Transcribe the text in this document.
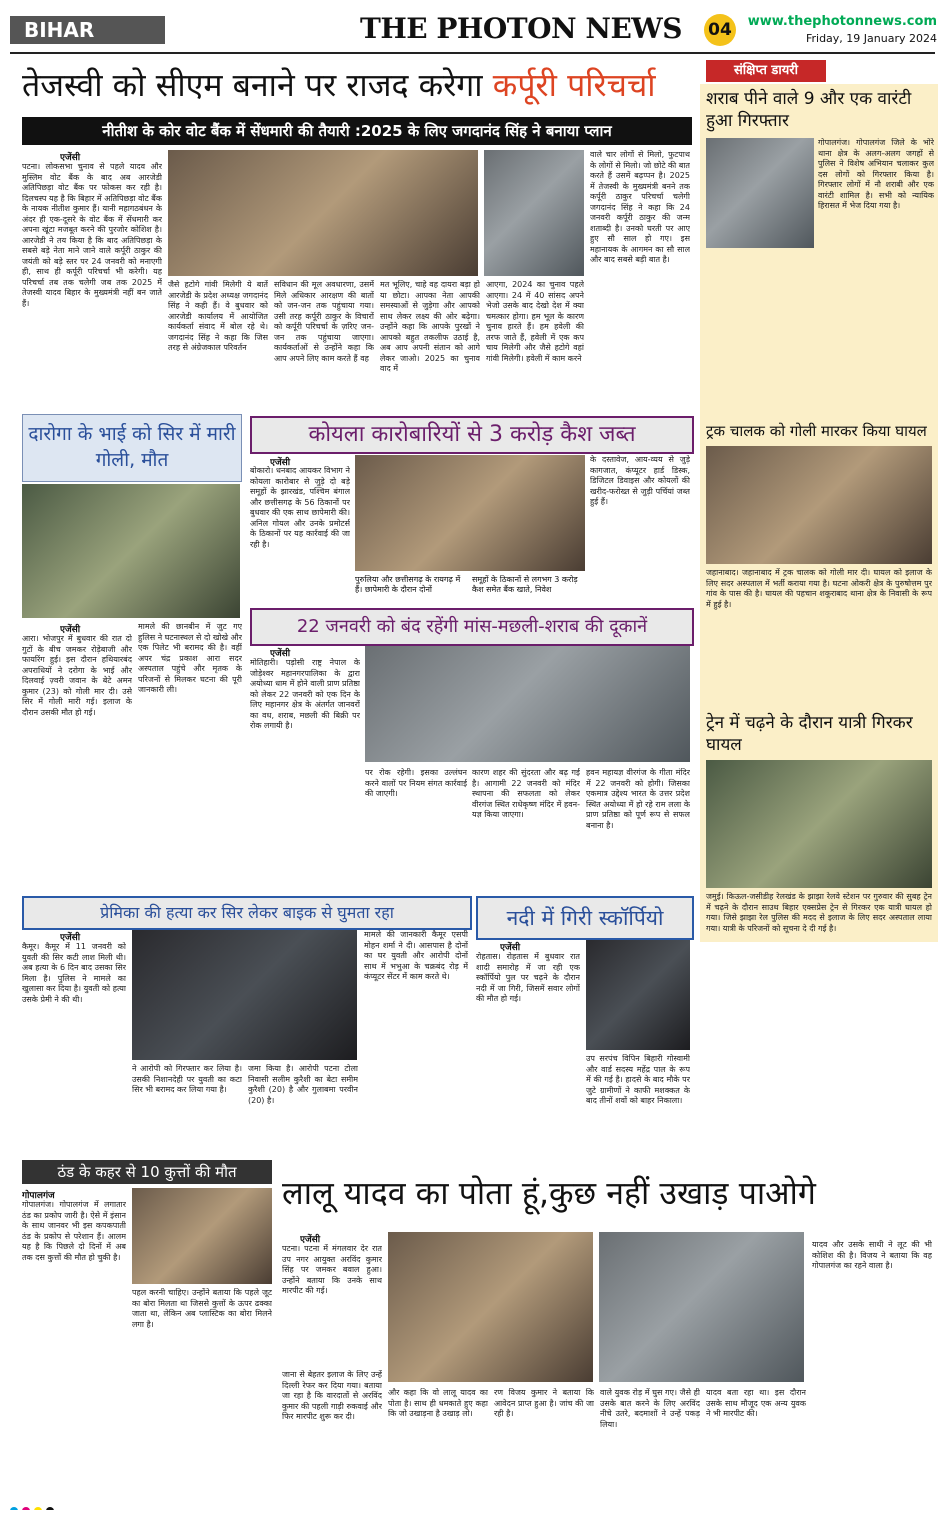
BIHAR	THE PHOTON NEWS	04	www.thephotonnews.com
Friday, 19 January 2024
तेजस्वी को सीएम बनाने पर राजद करेगा कर्पूरी परिचर्चा
नीतीश के कोर वोट बैंक में सेंधमारी की तैयारी :2025 के लिए जगदानंद सिंह ने बनाया प्लान
एजेंसी
पटना। लोकसभा चुनाव से पहले यादव और मुस्लिम वोट बैंक के बाद अब आरजेडी अतिपिछड़ा वोट बैंक पर फोकस कर रही है। दिलचस्प यह है कि बिहार में अतिपिछड़ा वोट बैंक के नायक नीतीश कुमार हैं। यानी महागठबंधन के अंदर ही एक-दूसरे के वोट बैंक में सेंधमारी कर अपना खूंटा मजबूत करने की पुरजोर कोशिश है। आरजेडी ने तय किया है कि बाद अतिपिछड़ा के सबसे बड़े नेता माने जाने वाले कर्पूरी ठाकुर की जयंती को बड़े स्तर पर 24 जनवरी को मनाएगी ही, साथ ही कर्पूरी परिचर्चा भी करेगी। यह परिचर्चा तब तक चलेगी जब तक 2025 में तेजस्वी यादव बिहार के मुख्यमंत्री नहीं बन जाते हैं।
जैसे हटोगे गांवी मिलेगी ये बातें आरजेडी के प्रदेश अध्यक्ष जगदानंद सिंह ने कही हैं। वे बुधवार को आरजेडी कार्यालय में आयोजित कार्यकर्ता संवाद में बोल रहे थे। जगदानंद सिंह ने कहा कि जिस तरह से अंग्रेजकाल परिवर्तन
सविधान की मूल अवधारणा, उसमें मिले अधिकार आरक्षण की बातों को जन-जन तक पहुंचाया गया। उसी तरह कर्पूरी ठाकुर के विचारों को कर्पूरी परिचर्चा के ज़रिए जन-जन तक पहुंचाया जाएगा। कार्यकर्ताओं से उन्होंने कहा कि आप अपने लिए काम करते हैं वह
मत भूलिए, चाहे वह दायरा बड़ा हो या छोटा। आपका नेता आपकी समस्याओं से जुड़ेगा और आपको साथ लेकर लक्ष्य की ओर बढ़ेगा। उन्होंने कहा कि आपके पुरखों ने आपको बहुत तकलीफ उठाई है, अब आप अपनी संतान को आगे लेकर जाओ। 2025 का चुनाव वाद में
आएगा, 2024 का चुनाव पहले आएगा। 24 में 40 सांसद अपने भेजो उसके बाद देखो देश में क्या चमत्कार होगा। हम भूल के कारण चुनाव हारते हैं। हम हवेली की तरफ जाते हैं, हवेली में एक कप चाय मिलेगी और जैसे हटोगे वहां गांवी मिलेगी। हवेली में काम करने
वाले चार लोगों से मिलो, फुटपाथ के लोगों से मिलो। जो छोटे की बात करते हैं उसमें बढ़प्पन है। 2025 में तेजस्वी के मुख्यमंत्री बनने तक कर्पूरी ठाकुर परिचर्चा चलेगी जगदानंद सिंह ने कहा कि 24 जनवरी कर्पूरी ठाकुर की जन्म शताब्दी है। उनको घरती पर आए हुए सौ साल हो गए। इस महानायक के आगमन का सौ साल और बाद सबसे बड़ी बात है।
दारोगा के भाई को सिर में मारी गोली, मौत
एजेंसी
आरा। भोजपुर में बुधवार की रात दो गुटों के बीच जमकर रोड़ेबाजी और फायरिंग हुई। इस दौरान हथियारबंद अपराधियों ने दरोगा के भाई और दिलवाई ज़्वरी जवान के बेटे अमन कुमार (23) को गोली मार दी। उसे सिर में गोली मारी गई। इलाज के दौरान उसकी मौत हो गई।
मामले की छानबीन में जुट गए हुलिस ने घटनास्थल से दो खोखे और एक पिलेट भी बरामद की है। वहीं अपर चंद्र प्रकाश आरा सदर अस्पताल पहुंचे और मृतक के परिजनों से मिलकर घटना की पूरी जानकारी ली।
कोयला कारोबारियों से 3 करोड़ कैश जब्त
एजेंसी
बोकारो। धनबाद आयकर विभाग ने कोयला कारोबार से जुड़े दो बड़े समूहों के झारखंड, पश्चिम बंगाल और छत्तीसगढ़ के 56 ठिकानों पर बुधवार की एक साथ छापेमारी की। अनिल गोयल और उनके प्रमोटर्स के ठिकानों पर यह कार्रवाई की जा रही है।
पुरुलिया और छत्तीसगढ़ के रायगढ़ में हैं। छापेमारी के दौरान दोनों
समूहों के ठिकानों से लगभग 3 करोड़ कैश समेत बैंक खाते, निवेश
के दस्तावेज, आय-व्यय से जुड़े कागजात, कंप्यूटर हार्ड डिस्क, डिजिटल डिवाइस और कोयलों की खरीद-फरोख्त से जुड़ी पर्चियां जब्त हुई हैं।
22 जनवरी को बंद रहेंगी मांस-मछली-शराब की दूकानें
एजेंसी
मोतिहारी। पड़ोसी राष्ट्र नेपाल के जोड़ेश्वर महानगरपालिका के द्वारा अयोध्या धाम में होने वाली प्राण प्रतिष्ठा को लेकर 22 जनवरी को एक दिन के लिए महानगर क्षेत्र के अंतर्गत जानवरों का वध, शराब, मछली की बिक्री पर रोक लगायी है।
पर रोक रहेगी। इसका उल्लंघन करने वालों पर नियम संगत कार्रवाई की जाएगी।
कारण शहर की सुंदरता और बढ़ गई है। आगामी 22 जनवरी को मंदिर स्थापना की सफलता को लेकर वीरगंज स्थित राधेकृष्ण मंदिर में हवन-यज्ञ किया जाएगा।
हवन महायज्ञ वीरगंज के गीता मंदिर में 22 जनवरी को होगी। जिसका एकमात्र उद्देश्य भारत के उत्तर प्रदेश स्थित अयोध्या में हो रहे राम लला के प्राण प्रतिष्ठा को पूर्ण रूप से सफल बनाना है।
प्रेमिका की हत्या कर सिर लेकर बाइक से घुमता रहा
एजेंसी
कैमूर। कैमूर में 11 जनवरी को युवती की सिर कटी लाश मिली थी। अब हत्या के 6 दिन बाद उसका सिर मिला है। पुलिस ने मामले का खुलासा कर दिया है। युवती को हत्या उसके प्रेमी ने की थी।
ने आरोपी को गिरफ्तार कर लिया है। उसकी निशानदेही पर युवती का कटा सिर भी बरामद कर लिया गया है।
जमा किया है। आरोपी पटना टोला निवासी सलीम कुरैशी का बेटा समीम कुरैशी (20) है और गुलाबमा परवीन (20) है।
मामले की जानकारी कैमूर एसपी मोहन शर्मा ने दी। आसपास है दोनों का घर युवती और आरोपी दोनों साथ में भभुआ के चक्रबंद रोड़ में कंप्यूटर सेंटर में काम करते थे।
नदी में गिरी स्कॉर्पियो
एजेंसी
रोहतास। रोहतास में बुधवार रात शादी समारोह में जा रही एक स्कॉर्पियो पुल पर चढ़ने के दौरान नदी में जा गिरी, जिसमें सवार लोगों की मौत हो गई।
उप सरपंच विपिन बिहारी गोस्वामी और वार्ड सदस्य महेंद्र पाल के रूप में की गई है। हादसे के बाद मौके पर जुटे ग्रामीणों ने काफी मशक्कत के बाद तीनों शवों को बाहर निकाला।
संक्षिप्त डायरी
शराब पीने वाले 9 और एक वारंटी हुआ गिरफ्तार
गोपालगंज। गोपालगंज जिले के भोरे थाना क्षेत्र के अलग-अलग जगहों से पुलिस ने विशेष अभियान चलाकर कुल दस लोगों को गिरफ्तार किया है। गिरफ्तार लोगों में नौ शराबी और एक वारंटी शामिल है। सभी को न्यायिक हिरासत में भेज दिया गया है।
ट्रक चालक को गोली मारकर किया घायल
जहानाबाद। जहानाबाद में ट्रक चालक को गोली मार दी। घायल को इलाज के लिए सदर अस्पताल में भर्ती कराया गया है। घटना ओकरी क्षेत्र के पुरुषोत्तम पुर गांव के पास की है। घायल की पहचान शकूराबाद थाना क्षेत्र के निवासी के रूप में हुई है।
ट्रेन में चढ़ने के दौरान यात्री गिरकर घायल
जमुई। किऊल-जसीडीह रेलखंड के झाझा रेलवे स्टेशन पर गुरुवार की सुबह ट्रेन में चढ़ने के दौरान साउथ बिहार एक्सप्रेस ट्रेन से गिरकर एक यात्री घायल हो गया। जिसे झाझा रेल पुलिस की मदद से इलाज के लिए सदर अस्पताल लाया गया। यात्री के परिजनों को सूचना दे दी गई है।
ठंड के कहर से 10 कुत्तों की मौत
गोपालगंज
गोपालगंज। गोपालगंज में लगातार ठंड का प्रकोप जारी है। ऐसे में इंसान के साथ जानवर भी इस कपकपाती ठंड के प्रकोप से परेशान हैं। आलम यह है कि पिछले दो दिनों में अब तक दस कुत्तों की मौत हो चुकी है।
पहल करनी चाहिए। उन्होंने बताया कि पहले जूट का बोरा मिलता था जिससे कुत्तों के ऊपर ढक्का जाता था, लेकिन अब प्लास्टिक का बोरा मिलने लगा है।
लालू यादव का पोता हूं,कुछ नहीं उखाड़ पाओगे
एजेंसी
पटना। पटना में मंगलवार देर रात उप नगर आयुक्त अरविंद कुमार सिंह पर जमकर बवाल हुआ। उन्होंने बताया कि उनके साथ मारपीट की गई।
जाना से बेहतर इलाज के लिए उन्हें दिल्ली रेफर कर दिया गया। बताया जा रहा है कि वारदातों से अरविंद कुमार की पहली गाड़ी रुकवाई और फिर मारपीट शुरू कर दी।
और कहा कि वो लालू यादव का पोता है। साथ ही धमकाते हुए कहा कि जो उखाड़ना है उखाड़ लो।
रण विजय कुमार ने बताया कि आवेदन प्राप्त हुआ है। जांच की जा रही है।
वाले युवक रोड़ में घुस गए। जैसे ही उसके बात करने के लिए अरविंद नीचे उतरे, बदमाशों ने उन्हें पकड़ लिया।
यादव बता रहा था। इस दौरान उसके साथ मौजूद एक अन्य युवक ने भी मारपीट की।
यादव और उसके साथी ने लूट की भी कोशिश की है। विजय ने बताया कि वह गोपालगंज का रहने वाला है।
